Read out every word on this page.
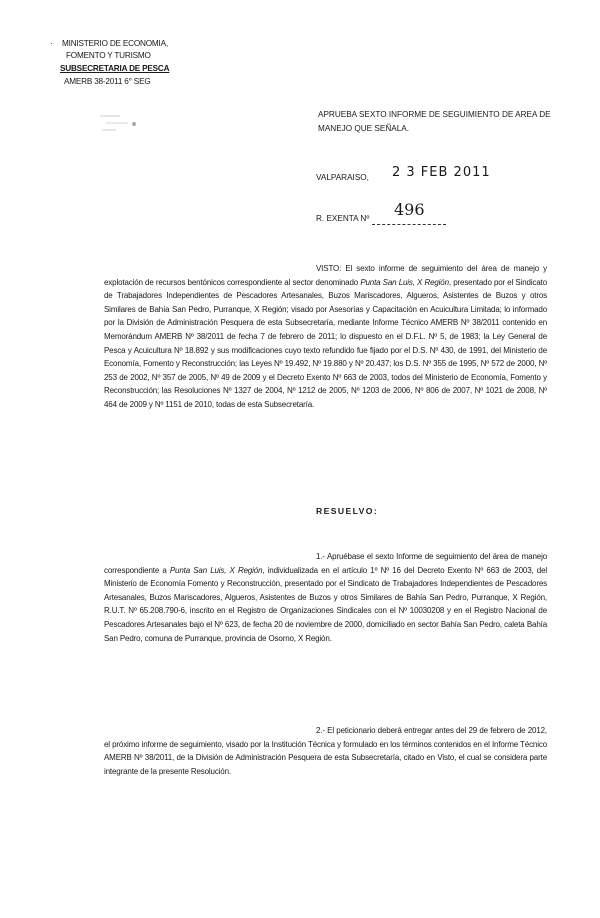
· MINISTERIO DE ECONOMIA,
FOMENTO Y TURISMO
SUBSECRETARIA DE PESCA
AMERB 38-2011 6° SEG
APRUEBA SEXTO INFORME DE SEGUIMIENTO DE AREA DE MANEJO QUE SEÑALA.
VALPARAISO, 2 3 FEB 2011
R. EXENTA Nº 496
VISTO: El sexto informe de seguimiento del área de manejo y explotación de recursos bentónicos correspondiente al sector denominado Punta San Luis, X Región, presentado por el Sindicato de Trabajadores Independientes de Pescadores Artesanales, Buzos Mariscadores, Algueros, Asistentes de Buzos y otros Similares de Bahía San Pedro, Purranque, X Región; visado por Asesorías y Capacitación en Acuicultura Limitada; lo informado por la División de Administración Pesquera de esta Subsecretaría, mediante Informe Técnico AMERB Nº 38/2011 contenido en Memorándum AMERB Nº 38/2011 de fecha 7 de febrero de 2011; lo dispuesto en el D.F.L. Nº 5, de 1983; la Ley General de Pesca y Acuicultura Nº 18.892 y sus modificaciones cuyo texto refundido fue fijado por el D.S. Nº 430, de 1991, del Ministerio de Economía, Fomento y Reconstrucción; las Leyes Nº 19.492, Nº 19.880 y Nº 20.437; los D.S. Nº 355 de 1995, Nº 572 de 2000, Nº 253 de 2002, Nº 357 de 2005, Nº 49 de 2009 y el Decreto Exento Nº 663 de 2003, todos del Ministerio de Economía, Fomento y Reconstrucción; las Resoluciones Nº 1327 de 2004, Nº 1212 de 2005, Nº 1203 de 2006, Nº 806 de 2007, Nº 1021 de 2008, Nº 464 de 2009 y Nº 1151 de 2010, todas de esta Subsecretaría.
RESUELVO:
1.- Apruébase el sexto Informe de seguimiento del área de manejo correspondiente a Punta San Luis, X Región, individualizada en el artículo 1º Nº 16 del Decreto Exento Nº 663 de 2003, del Ministerio de Economía Fomento y Reconstrucción, presentado por el Sindicato de Trabajadores Independientes de Pescadores Artesanales, Buzos Mariscadores, Algueros, Asistentes de Buzos y otros Similares de Bahía San Pedro, Purranque, X Región, R.U.T. Nº 65.208.790-6, inscrito en el Registro de Organizaciones Sindicales con el Nº 10030208 y en el Registro Nacional de Pescadores Artesanales bajo el Nº 623, de fecha 20 de noviembre de 2000, domiciliado en sector Bahía San Pedro, caleta Bahía San Pedro, comuna de Purranque, provincia de Osorno, X Región.
2.- El peticionario deberá entregar antes del 29 de febrero de 2012, el próximo informe de seguimiento, visado por la Institución Técnica y formulado en los términos contenidos en el Informe Técnico AMERB Nº 38/2011, de la División de Administración Pesquera de esta Subsecretaría, citado en Visto, el cual se considera parte integrante de la presente Resolución.
